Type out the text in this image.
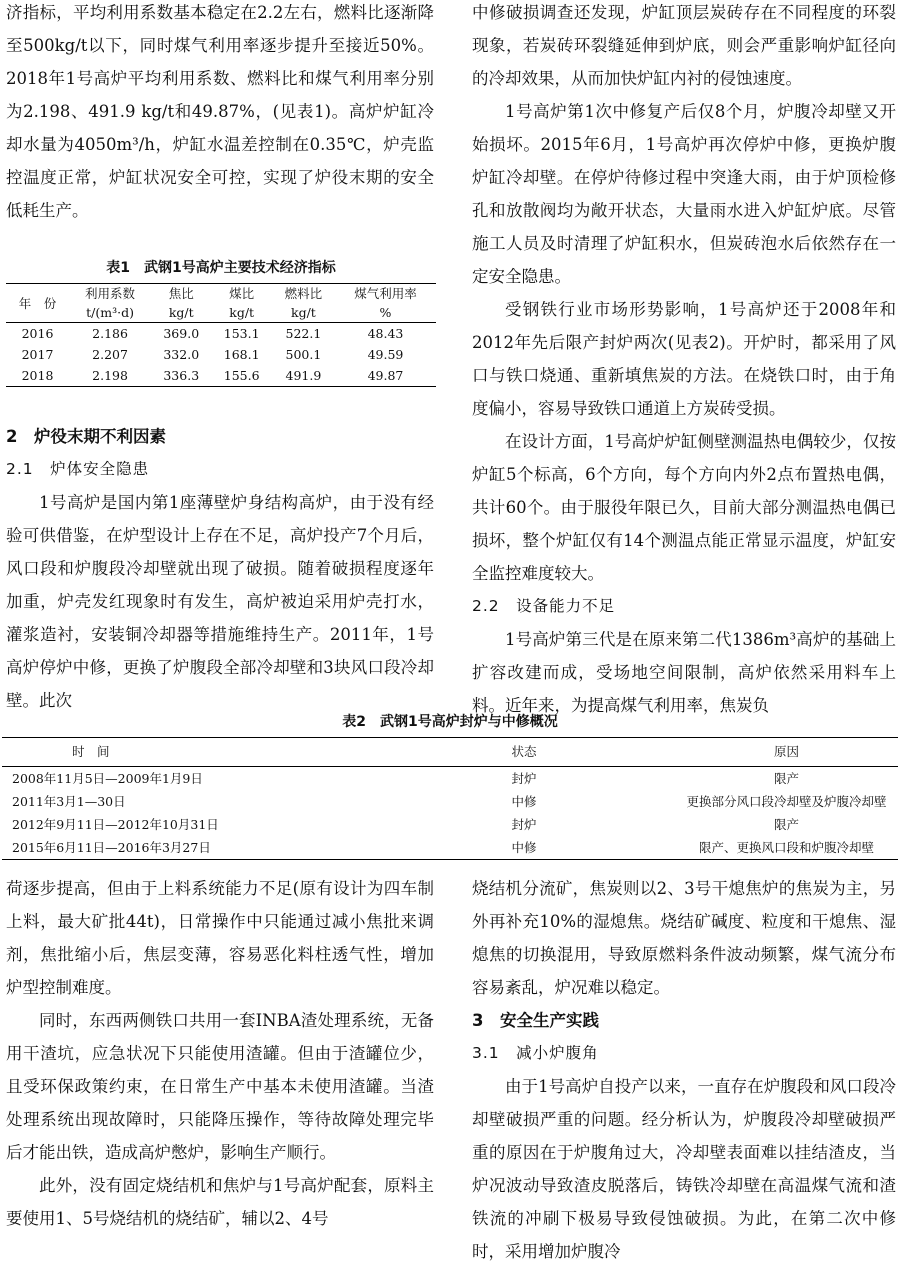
济指标，平均利用系数基本稳定在2.2左右，燃料比逐渐降至500kg/t以下，同时煤气利用率逐步提升至接近50%。2018年1号高炉平均利用系数、燃料比和煤气利用率分别为2.198、491.9 kg/t和49.87%，(见表1)。高炉炉缸冷却水量为4050m³/h，炉缸水温差控制在0.35℃，炉壳监控温度正常，炉缸状况安全可控，实现了炉役末期的安全低耗生产。

表1　武钢1号高炉主要技术经济指标
年　份	利用系数	焦比	煤比	燃料比	煤气利用率
	t/(m³·d)	kg/t	kg/t	kg/t	%
2016	2.186	369.0	153.1	522.1	48.43
2017	2.207	332.0	168.1	500.1	49.59
2018	2.198	336.3	155.6	491.9	49.87

2　炉役末期不利因素

2.1　炉体安全隐患

1号高炉是国内第1座薄壁炉身结构高炉，由于没有经验可供借鉴，在炉型设计上存在不足，高炉投产7个月后，风口段和炉腹段冷却壁就出现了破损。随着破损程度逐年加重，炉壳发红现象时有发生，高炉被迫采用炉壳打水，灌浆造衬，安装铜冷却器等措施维持生产。2011年，1号高炉停炉中修，更换了炉腹段全部冷却壁和3块风口段冷却壁。此次

中修破损调查还发现，炉缸顶层炭砖存在不同程度的环裂现象，若炭砖环裂缝延伸到炉底，则会严重影响炉缸径向的冷却效果，从而加快炉缸内衬的侵蚀速度。

1号高炉第1次中修复产后仅8个月，炉腹冷却壁又开始损坏。2015年6月，1号高炉再次停炉中修，更换炉腹炉缸冷却壁。在停炉待修过程中突逢大雨，由于炉顶检修孔和放散阀均为敞开状态，大量雨水进入炉缸炉底。尽管施工人员及时清理了炉缸积水，但炭砖泡水后依然存在一定安全隐患。

受钢铁行业市场形势影响，1号高炉还于2008年和2012年先后限产封炉两次(见表2)。开炉时，都采用了风口与铁口烧通、重新填焦炭的方法。在烧铁口时，由于角度偏小，容易导致铁口通道上方炭砖受损。

在设计方面，1号高炉炉缸侧壁测温热电偶较少，仅按炉缸5个标高，6个方向，每个方向内外2点布置热电偶，共计60个。由于服役年限已久，目前大部分测温热电偶已损坏，整个炉缸仅有14个测温点能正常显示温度，炉缸安全监控难度较大。

2.2　设备能力不足

1号高炉第三代是在原来第二代1386m³高炉的基础上扩容改建而成，受场地空间限制，高炉依然采用料车上料。近年来，为提高煤气利用率，焦炭负

表2　武钢1号高炉封炉与中修概况
时　间	状态	原因
2008年11月5日—2009年1月9日	封炉	限产
2011年3月1—30日	中修	更换部分风口段冷却壁及炉腹冷却壁
2012年9月11日—2012年10月31日	封炉	限产
2015年6月11日—2016年3月27日	中修	限产、更换风口段和炉腹冷却壁

荷逐步提高，但由于上料系统能力不足(原有设计为四车制上料，最大矿批44t)，日常操作中只能通过减小焦批来调剂，焦批缩小后，焦层变薄，容易恶化料柱透气性，增加炉型控制难度。

同时，东西两侧铁口共用一套INBA渣处理系统，无备用干渣坑，应急状况下只能使用渣罐。但由于渣罐位少，且受环保政策约束，在日常生产中基本未使用渣罐。当渣处理系统出现故障时，只能降压操作，等待故障处理完毕后才能出铁，造成高炉憋炉，影响生产顺行。

此外，没有固定烧结机和焦炉与1号高炉配套，原料主要使用1、5号烧结机的烧结矿，辅以2、4号

烧结机分流矿，焦炭则以2、3号干熄焦炉的焦炭为主，另外再补充10%的湿熄焦。烧结矿碱度、粒度和干熄焦、湿熄焦的切换混用，导致原燃料条件波动频繁，煤气流分布容易紊乱，炉况难以稳定。

3　安全生产实践

3.1　减小炉腹角

由于1号高炉自投产以来，一直存在炉腹段和风口段冷却壁破损严重的问题。经分析认为，炉腹段冷却壁破损严重的原因在于炉腹角过大，冷却壁表面难以挂结渣皮，当炉况波动导致渣皮脱落后，铸铁冷却壁在高温煤气流和渣铁流的冲刷下极易导致侵蚀破损。为此，在第二次中修时，采用增加炉腹冷
